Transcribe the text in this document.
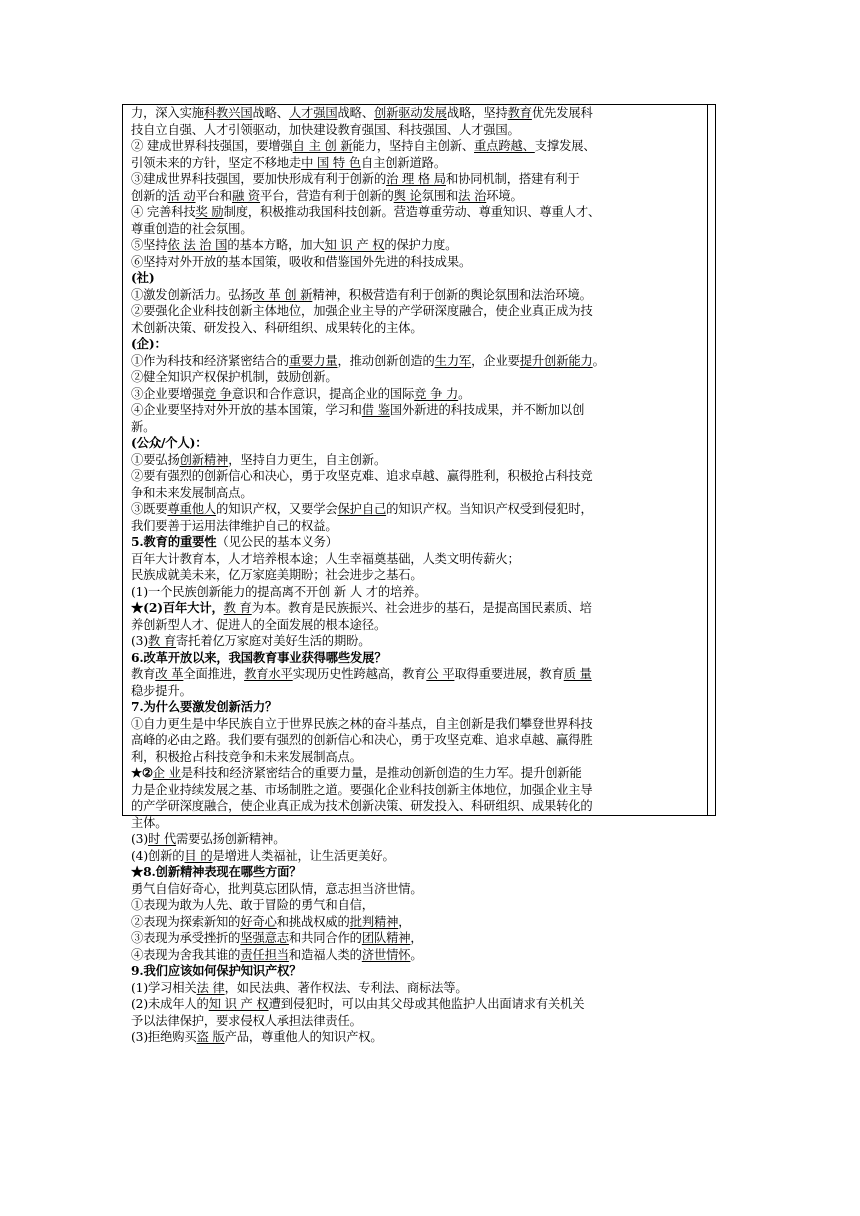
力，深入实施科教兴国战略、人才强国战略、创新驱动发展战略，坚持教育优先发展科
技自立自强、人才引领驱动，加快建设教育强国、科技强国、人才强国。
② 建成世界科技强国，要增强自 主 创 新能力，坚持自主创新、重点跨越、支撑发展、
引领未来的方针，坚定不移地走中 国 特 色自主创新道路。
③建成世界科技强国，要加快形成有利于创新的治 理 格 局和协同机制，搭建有利于
创新的活 动平台和融 资平台，营造有利于创新的舆 论氛围和法 治环境。
④ 完善科技奖 励制度，积极推动我国科技创新。营造尊重劳动、尊重知识、尊重人才、
尊重创造的社会氛围。
⑤坚持依 法 治 国的基本方略，加大知 识 产 权的保护力度。
⑥坚持对外开放的基本国策，吸收和借鉴国外先进的科技成果。
(社)
①激发创新活力。弘扬改 革 创 新精神，积极营造有利于创新的舆论氛围和法治环境。
②要强化企业科技创新主体地位，加强企业主导的产学研深度融合，使企业真正成为技
术创新决策、研发投入、科研组织、成果转化的主体。
(企)：
①作为科技和经济紧密结合的重要力量，推动创新创造的生力军，企业要提升创新能力。
②健全知识产权保护机制，鼓励创新。
③企业要增强竞 争意识和合作意识，提高企业的国际竞 争 力。
④企业要坚持对外开放的基本国策，学习和借 鉴国外新进的科技成果，并不断加以创
新。
(公众/个人)：
①要弘扬创新精神，坚持自力更生，自主创新。
②要有强烈的创新信心和决心，勇于攻坚克难、追求卓越、赢得胜利，积极抢占科技竞
争和未来发展制高点。
③既要尊重他人的知识产权，又要学会保护自己的知识产权。当知识产权受到侵犯时，
我们要善于运用法律维护自己的权益。
5.教育的重要性（见公民的基本义务）
百年大计教育本，人才培养根本途；人生幸福奠基础，人类文明传薪火；
民族成就美未来，亿万家庭美期盼；社会进步之基石。
(1)一个民族创新能力的提高离不开创 新 人 才的培养。
★(2)百年大计，教 育为本。教育是民族振兴、社会进步的基石，是提高国民素质、培
养创新型人才、促进人的全面发展的根本途径。
(3)教 育寄托着亿万家庭对美好生活的期盼。
6.改革开放以来，我国教育事业获得哪些发展？
教育改 革全面推进，教育水平实现历史性跨越高，教育公 平取得重要进展，教育质 量
稳步提升。
7.为什么要激发创新活力？
①自力更生是中华民族自立于世界民族之林的奋斗基点，自主创新是我们攀登世界科技
高峰的必由之路。我们要有强烈的创新信心和决心，勇于攻坚克难、追求卓越、赢得胜
利，积极抢占科技竞争和未来发展制高点。
★②企 业是科技和经济紧密结合的重要力量，是推动创新创造的生力军。提升创新能
力是企业持续发展之基、市场制胜之道。要强化企业科技创新主体地位，加强企业主导
的产学研深度融合，使企业真正成为技术创新决策、研发投入、科研组织、成果转化的
主体。
(3)时 代需要弘扬创新精神。
(4)创新的目 的是增进人类福祉，让生活更美好。
★8.创新精神表现在哪些方面？
勇气自信好奇心，批判莫忘团队情，意志担当济世情。
①表现为敢为人先、敢于冒险的勇气和自信，
②表现为探索新知的好奇心和挑战权威的批判精神，
③表现为承受挫折的坚强意志和共同合作的团队精神，
④表现为舍我其谁的责任担当和造福人类的济世情怀。
9.我们应该如何保护知识产权？
(1)学习相关法 律，如民法典、著作权法、专利法、商标法等。
(2)未成年人的知 识 产 权遭到侵犯时，可以由其父母或其他监护人出面请求有关机关
予以法律保护，要求侵权人承担法律责任。
(3)拒绝购买盗 版产品，尊重他人的知识产权。
